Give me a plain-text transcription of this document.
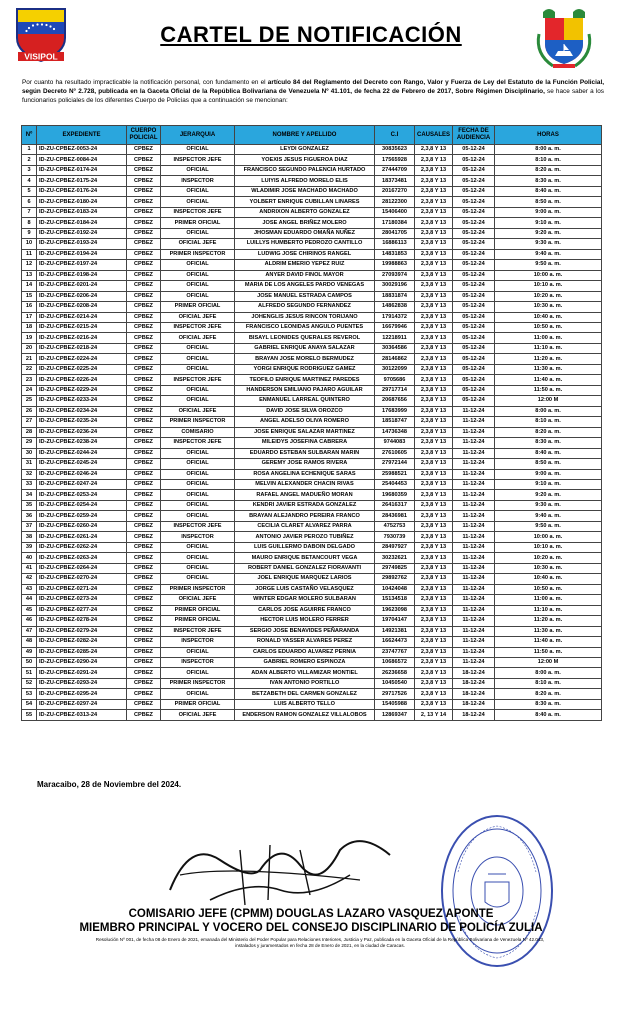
VISIPOL
CARTEL DE NOTIFICACIÓN
Por cuanto ha resultado impracticable la notificación personal, con fundamento en el artículo 84 del Reglamento del Decreto con Rango, Valor y Fuerza de Ley del Estatuto de la Función Policial, según Decreto N° 2.728, publicada en la Gaceta Oficial de la República Bolivariana de Venezuela Nº 41.101, de fecha 22 de Febrero de 2017, Sobre Régimen Disciplinario, se hace saber a los funcionarios policiales de los diferentes Cuerpo de Policías que a continuación se mencionan:
Nº	EXPEDIENTE	CUERPO POLICIAL	JERARQUIA	NOMBRE Y APELLIDO	C.I	CAUSALES	FECHA DE AUDIENCIA	HORAS
1	ID-ZU-CPBEZ-0053-24	CPBEZ	OFICIAL	LEYDI GONZALEZ	30835623	2,3,8 Y 13	05-12-24	8:00 a. m.
2	ID-ZU-CPBEZ-0084-24	CPBEZ	INSPECTOR JEFE	YOEXIS JESUS FIGUEROA DIAZ	17565928	2,3,8 Y 13	05-12-24	8:10 a. m.
3	ID-ZU-CPBEZ-0174-24	CPBEZ	OFICIAL	FRANCISCO SEGUNDO PALENCIA HURTADO	27444709	2,3,8 Y 13	05-12-24	8:20 a. m.
4	ID-ZU-CPBEZ-0175-24	CPBEZ	INSPECTOR	LUIYIS ALFREDO MORELO ELIS	18373481	2,3,8 Y 13	05-12-24	8:30 a. m.
5	ID-ZU-CPBEZ-0176-24	CPBEZ	OFICIAL	WLADIMIR JOSE MACHADO MACHADO	20167270	2,3,8 Y 13	05-12-24	8:40 a. m.
6	ID-ZU-CPBEZ-0180-24	CPBEZ	OFICIAL	YOLBERT ENRIQUE CUBILLAN LINARES	28122300	2,3,8 Y 13	05-12-24	8:50 a. m.
7	ID-ZU-CPBEZ-0183-24	CPBEZ	INSPECTOR JEFE	ANDRIXON ALBERTO GONZALEZ	15406400	2,3,8 Y 13	05-12-24	9:00 a. m.
8	ID-ZU-CPBEZ-0184-24	CPBEZ	PRIMER OFICIAL	JOSE ANGEL BRIÑEZ MOLERO	17180384	2,3,8 Y 13	05-12-24	9:10 a. m.
9	ID-ZU-CPBEZ-0192-24	CPBEZ	OFICIAL	JHOSMAN EDUARDO OMAÑA NUÑEZ	28041705	2,3,8 Y 13	05-12-24	9:20 a. m.
10	ID-ZU-CPBEZ-0193-24	CPBEZ	OFICIAL JEFE	LUILLYS HUMBERTO PEDROZO CANTILLO	16886113	2,3,8 Y 13	05-12-24	9:30 a. m.
11	ID-ZU-CPBEZ-0194-24	CPBEZ	PRIMER INSPECTOR	LUDWIG JOSE CHIRINOS RANGEL	14831853	2,3,8 Y 13	05-12-24	9:40 a. m.
12	ID-ZU-CPBEZ-0197-24	CPBEZ	OFICIAL	ALDRIM EMERIO YEPEZ RUIZ	19988863	2,3,8 Y 13	05-12-24	9:50 a. m.
13	ID-ZU-CPBEZ-0198-24	CPBEZ	OFICIAL	ANYER DAVID FINOL MAYOR	27093974	2,3,8 Y 13	05-12-24	10:00 a. m.
14	ID-ZU-CPBEZ-0201-24	CPBEZ	OFICIAL	MARIA DE LOS ANGELES PARDO VENEGAS	30029196	2,3,8 Y 13	05-12-24	10:10 a. m.
15	ID-ZU-CPBEZ-0206-24	CPBEZ	OFICIAL	JOSE MANUEL ESTRADA CAMPOS	18831874	2,3,8 Y 13	05-12-24	10:20 a. m.
16	ID-ZU-CPBEZ-0208-24	CPBEZ	PRIMER OFICIAL	ALFREDO SEGUNDO FERNANDEZ	14862838	2,3,8 Y 13	05-12-24	10:30 a. m.
17	ID-ZU-CPBEZ-0214-24	CPBEZ	OFICIAL JEFE	JOHENGLIS JESUS RINCON TORIJANO	17914372	2,3,8 Y 13	05-12-24	10:40 a. m.
18	ID-ZU-CPBEZ-0215-24	CPBEZ	INSPECTOR JEFE	FRANCISCO LEONIDAS ANGULO PUENTES	16679946	2,3,8 Y 13	05-12-24	10:50 a. m.
19	ID-ZU-CPBEZ-0216-24	CPBEZ	OFICIAL JEFE	BISAYL LEONIDES QUERALES REVEROL	12218911	2,3,8 Y 13	05-12-24	11:00 a. m.
20	ID-ZU-CPBEZ-0218-24	CPBEZ	OFICIAL	GABRIEL ENRIQUE ANAYA SALAZAR	30364586	2,3,8 Y 13	05-12-24	11:10 a. m.
21	ID-ZU-CPBEZ-0224-24	CPBEZ	OFICIAL	BRAYAN JOSE MORELO BERMUDEZ	28146862	2,3,8 Y 13	05-12-24	11:20 a. m.
22	ID-ZU-CPBEZ-0225-24	CPBEZ	OFICIAL	YORGI ENRIQUE RODRIGUEZ GAMEZ	30122099	2,3,8 Y 13	05-12-24	11:30 a. m.
23	ID-ZU-CPBEZ-0226-24	CPBEZ	INSPECTOR JEFE	TEOFILO ENRIQUE MARTINEZ PAREDES	9705686	2,3,8 Y 13	05-12-24	11:40 a. m.
24	ID-ZU-CPBEZ-0229-24	CPBEZ	OFICIAL	HANDERSON EMILIANO PAJARO AGUILAR	29717714	2,3,8 Y 13	05-12-24	11:50 a. m.
25	ID-ZU-CPBEZ-0233-24	CPBEZ	OFICIAL	ENMANUEL LARREAL QUINTERO	20687656	2,3,8 Y 13	05-12-24	12:00 M
26	ID-ZU-CPBEZ-0234-24	CPBEZ	OFICIAL JEFE	DAVID JOSE SILVA OROZCO	17683999	2,3,8 Y 13	11-12-24	8:00 a. m.
27	ID-ZU-CPBEZ-0235-24	CPBEZ	PRIMER INSPECTOR	ANGEL ADELSO OLIVA ROMERO	18518747	2,3,8 Y 13	11-12-24	8:10 a. m.
28	ID-ZU-CPBEZ-0236-24	CPBEZ	COMISARIO	JOSE ENRIQUE SALAZAR MARTINEZ	14736348	2,3,8 Y 13	11-12-24	8:20 a. m.
29	ID-ZU-CPBEZ-0238-24	CPBEZ	INSPECTOR JEFE	MILEIDYS JOSEFINA CABRERA	9744083	2,3,8 Y 13	11-12-24	8:30 a. m.
30	ID-ZU-CPBEZ-0244-24	CPBEZ	OFICIAL	EDUARDO ESTEBAN SULBARAN MARIN	27610605	2,3,8 Y 13	11-12-24	8:40 a. m.
31	ID-ZU-CPBEZ-0245-24	CPBEZ	OFICIAL	GEREMY JOSE RAMOS RIVERA	27972144	2,3,8 Y 13	11-12-24	8:50 a. m.
32	ID-ZU-CPBEZ-0246-24	CPBEZ	OFICIAL	ROSA ANGELINA ECHENIQUE SARAS	25988521	2,3,8 Y 13	11-12-24	9:00 a. m.
33	ID-ZU-CPBEZ-0247-24	CPBEZ	OFICIAL	MELVIN ALEXANDER CHACIN RIVAS	25404453	2,3,8 Y 13	11-12-24	9:10 a. m.
34	ID-ZU-CPBEZ-0253-24	CPBEZ	OFICIAL	RAFAEL ANGEL MADUEÑO MORAN	19680359	2,3,8 Y 13	11-12-24	9:20 a. m.
35	ID-ZU-CPBEZ-0254-24	CPBEZ	OFICIAL	KENDRI JAVIER ESTRADA GONZALEZ	26416317	2,3,8 Y 13	11-12-24	9:30 a. m.
36	ID-ZU-CPBEZ-0259-24	CPBEZ	OFICIAL	BRAYAN ALEJANDRO PEREIRA FRANCO	28436981	2,3,8 Y 13	11-12-24	9:40 a. m.
37	ID-ZU-CPBEZ-0260-24	CPBEZ	INSPECTOR JEFE	CECILIA CLARET ALVAREZ PARRA	4752753	2,3,8 Y 13	11-12-24	9:50 a. m.
38	ID-ZU-CPBEZ-0261-24	CPBEZ	INSPECTOR	ANTONIO JAVIER PEROZO TUBIÑEZ	7930739	2,3,8 Y 13	11-12-24	10:00 a. m.
39	ID-ZU-CPBEZ-0262-24	CPBEZ	OFICIAL	LUIS GUILLERMO DABOIN DELGADO	28497927	2,3,8 Y 13	11-12-24	10:10 a. m.
40	ID-ZU-CPBEZ-0263-24	CPBEZ	OFICIAL	MAURO ENRIQUE BETANCOURT VEGA	30232621	2,3,8 Y 13	11-12-24	10:20 a. m.
41	ID-ZU-CPBEZ-0264-24	CPBEZ	OFICIAL	ROBERT DANIEL GONZALEZ FIORAVANTI	29749825	2,3,8 Y 13	11-12-24	10:30 a. m.
42	ID-ZU-CPBEZ-0270-24	CPBEZ	OFICIAL	JOEL ENRIQUE MARQUEZ LARIOS	29892762	2,3,8 Y 13	11-12-24	10:40 a. m.
43	ID-ZU-CPBEZ-0271-24	CPBEZ	PRIMER INSPECTOR	JORGE LUIS CASTAÑO VELASQUEZ	10424048	2,3,8 Y 13	11-12-24	10:50 a. m.
44	ID-ZU-CPBEZ-0273-24	CPBEZ	OFICIAL JEFE	WINTER EDGAR MOLERO SULBARAN	15134518	2,3,8 Y 13	11-12-24	11:00 a. m.
45	ID-ZU-CPBEZ-0277-24	CPBEZ	PRIMER OFICIAL	CARLOS JOSE AGUIRRE FRANCO	19623098	2,3,8 Y 13	11-12-24	11:10 a. m.
46	ID-ZU-CPBEZ-0278-24	CPBEZ	PRIMER OFICIAL	HECTOR LUIS MOLERO FERRER	19704147	2,3,8 Y 13	11-12-24	11:20 a. m.
47	ID-ZU-CPBEZ-0279-24	CPBEZ	INSPECTOR JEFE	SERGIO JOSE BENAVIDES PEÑARANDA	14921381	2,3,8 Y 13	11-12-24	11:30 a. m.
48	ID-ZU-CPBEZ-0282-24	CPBEZ	INSPECTOR	RONALD YASSER ALVARES PEREZ	16624473	2,3,8 Y 13	11-12-24	11:40 a. m.
49	ID-ZU-CPBEZ-0285-24	CPBEZ	OFICIAL	CARLOS EDUARDO ALVAREZ PERNIA	23747767	2,3,8 Y 13	11-12-24	11:50 a. m.
50	ID-ZU-CPBEZ-0290-24	CPBEZ	INSPECTOR	GABRIEL ROMERO ESPINOZA	10686572	2,3,8 Y 13	11-12-24	12:00 M
51	ID-ZU-CPBEZ-0291-24	CPBEZ	OFICIAL	ADAN ALBERTO VILLAMIZAR MONTIEL	26236658	2,3,8 Y 13	18-12-24	8:00 a. m.
52	ID-ZU-CPBEZ-0293-24	CPBEZ	PRIMER INSPECTOR	IVAN ANTONIO PORTILLO	10450540	2,3,8 Y 13	18-12-24	8:10 a. m.
53	ID-ZU-CPBEZ-0295-24	CPBEZ	OFICIAL	BETZABETH DEL CARMEN GONZALEZ	29717526	2,3,8 Y 13	18-12-24	8:20 a. m.
54	ID-ZU-CPBEZ-0297-24	CPBEZ	PRIMER OFICIAL	LUIS ALBERTO TELLO	15405988	2,3,8 Y 13	18-12-24	8:30 a. m.
55	ID-ZU-CPBEZ-0313-24	CPBEZ	OFICIAL JEFE	ENDERSON RAMON GONZALEZ VILLALOBOS	12869347	2, 13 Y 14	18-12-24	8:40 a. m.
Maracaibo, 28 de Noviembre del 2024.
COMISARIO JEFE (CPMM) DOUGLAS LAZARO VASQUEZ APONTE
MIEMBRO PRINCIPAL Y VOCERO DEL CONSEJO DISCIPLINARIO DE POLICÍA ZULIA
Resolución Nº 001, de fecha 08 de Enero de 2021, emanada del Ministerio del Poder Popular para Relaciones Interiores, Justicia y Paz, publicada en la Gaceta Oficial de la República Bolivariana de Venezuela Nº 42.043, instalados y juramentados en fecha 28 de Enero de 2021, en la ciudad de Caracas.
